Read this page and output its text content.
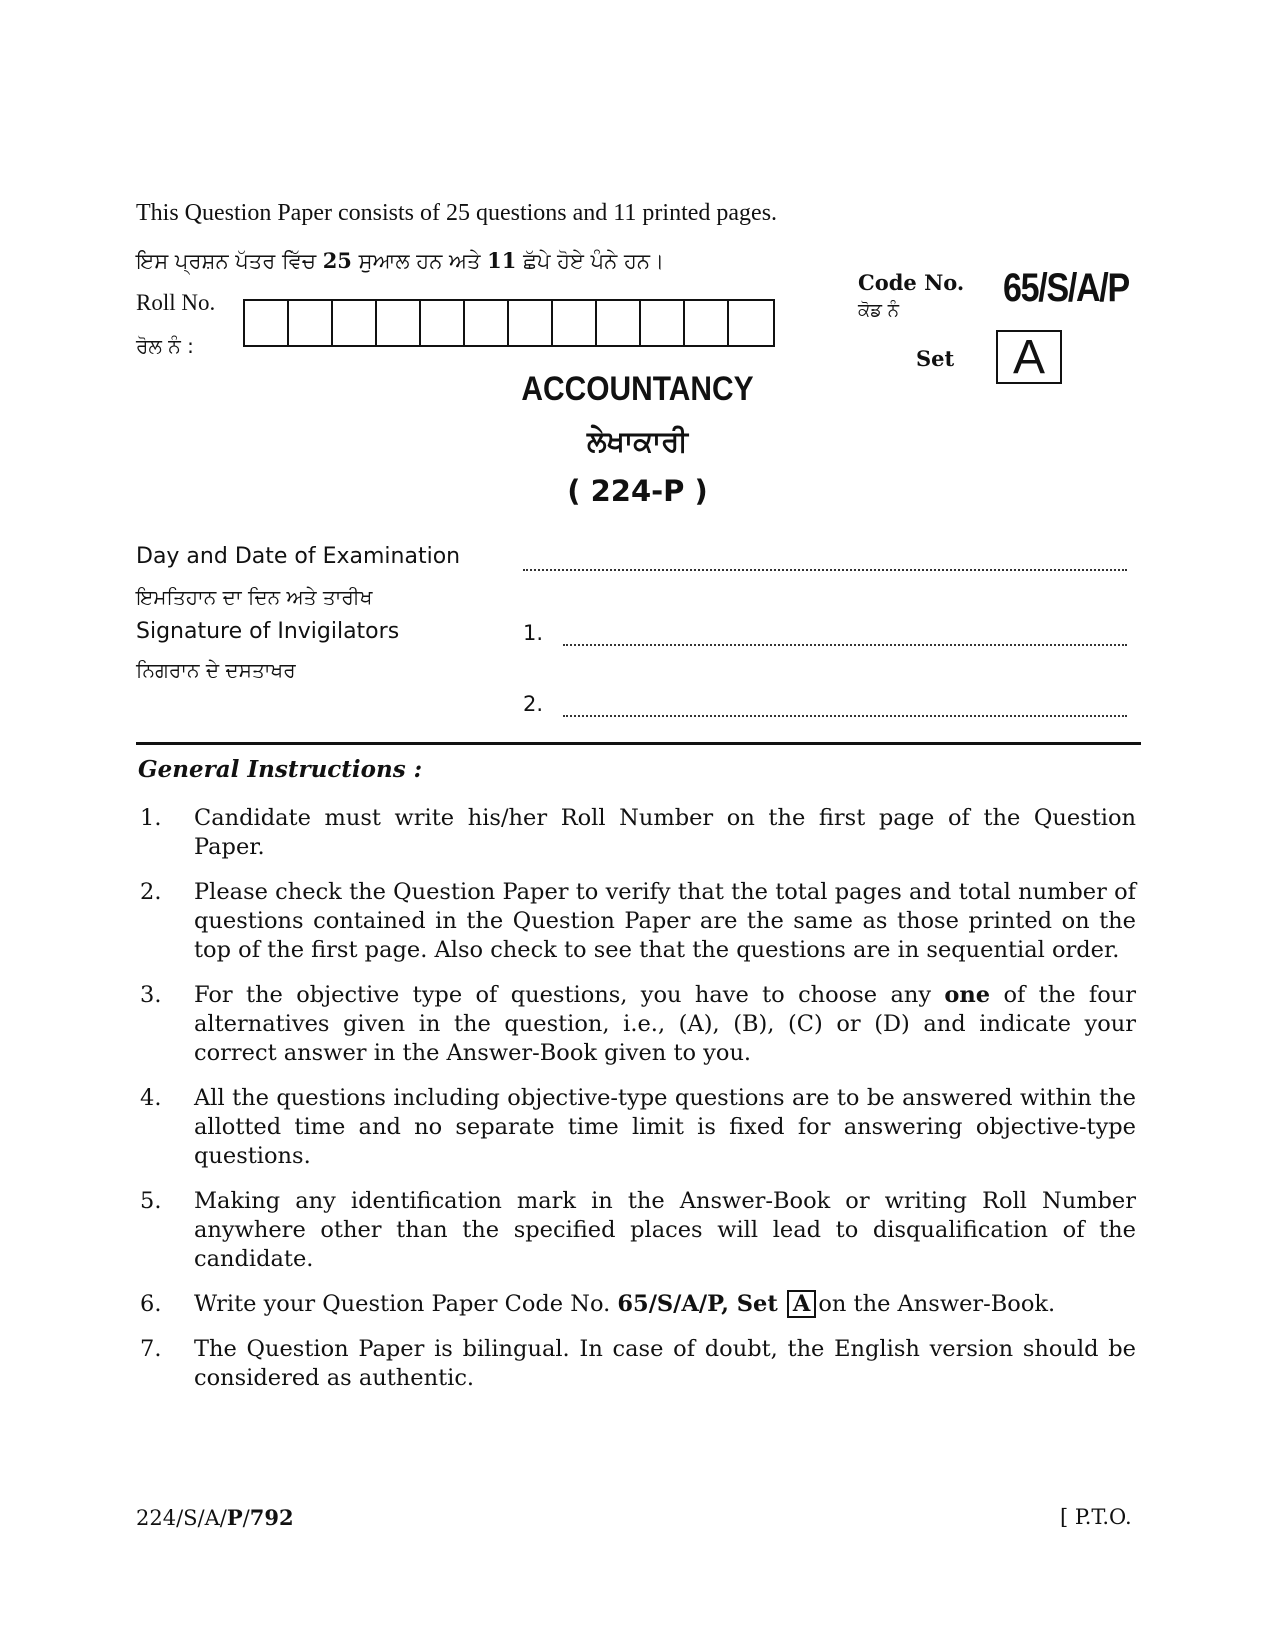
This Question Paper consists of 25 questions and 11 printed pages.
ਇਸ ਪ੍ਰਸ਼ਨ ਪੱਤਰ ਵਿੱਚ 25 ਸੁਆਲ ਹਨ ਅਤੇ 11 ਛੱਪੇ ਹੋਏ ਪੰਨੇ ਹਨ।
Roll No.
ਰੋਲ ਨੰ :
Code No.
ਕੋਡ ਨੰ
65/S/A/P
Set	A
ACCOUNTANCY
ਲੇਖਾਕਾਰੀ
( 224-P )
Day and Date of Examination
ਇਮਤਿਹਾਨ ਦਾ ਦਿਨ ਅਤੇ ਤਾਰੀਖ
Signature of Invigilators
ਨਿਗਰਾਨ ਦੇ ਦਸਤਾਖਰ
1.
2.
General Instructions :
1.	Candidate must write his/her Roll Number on the first page of the Question Paper.
2.	Please check the Question Paper to verify that the total pages and total number of questions contained in the Question Paper are the same as those printed on the top of the first page. Also check to see that the questions are in sequential order.
3.	For the objective type of questions, you have to choose any one of the four alternatives given in the question, i.e., (A), (B), (C) or (D) and indicate your correct answer in the Answer-Book given to you.
4.	All the questions including objective-type questions are to be answered within the allotted time and no separate time limit is fixed for answering objective-type questions.
5.	Making any identification mark in the Answer-Book or writing Roll Number anywhere other than the specified places will lead to disqualification of the candidate.
6.	Write your Question Paper Code No. 65/S/A/P, Set A on the Answer-Book.
7.	The Question Paper is bilingual. In case of doubt, the English version should be considered as authentic.
224/S/A/P/792	[ P.T.O.
